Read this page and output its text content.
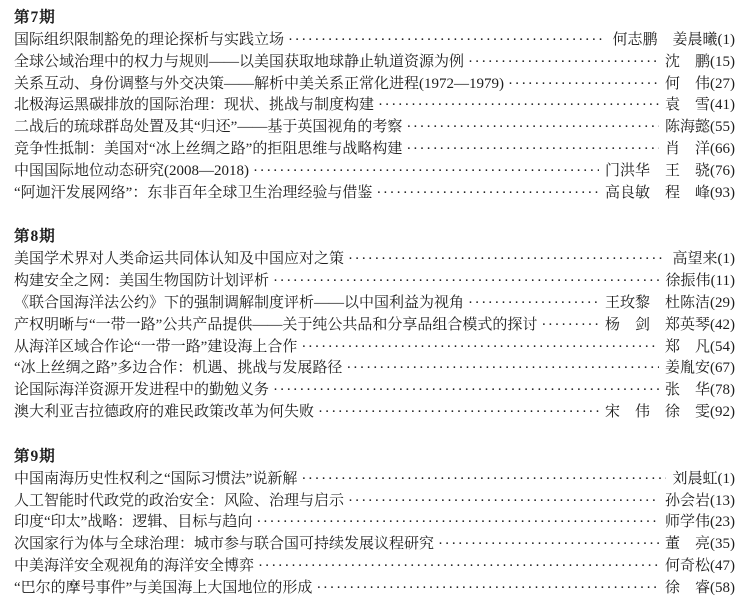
第7期
国际组织限制豁免的理论探析与实践立场 ·····	何志鹏　姜晨曦 (1)
全球公域治理中的权力与规则——以美国获取地球静止轨道资源为例 ·····	沈　鹏 (15)
关系互动、身份调整与外交决策——解析中美关系正常化进程(1972—1979) ·····	何　伟 (27)
北极海运黑碳排放的国际治理：现状、挑战与制度构建 ·····	袁　雪 (41)
二战后的琉球群岛处置及其“归还”——基于英国视角的考察 ·····	陈海懿 (55)
竞争性抵制：美国对“冰上丝绸之路”的拒阻思维与战略构建 ·····	肖　洋 (66)
中国国际地位动态研究(2008—2018) ·····	门洪华　王　骁 (76)
“阿迦汗发展网络”：东非百年全球卫生治理经验与借鉴 ·····	高良敏　程　峰 (93)
第8期
美国学术界对人类命运共同体认知及中国应对之策 ·····	高望来 (1)
构建安全之网：美国生物国防计划评析 ·····	徐振伟 (11)
《联合国海洋法公约》下的强制调解制度评析——以中国利益为视角 ·····	王玫黎　杜陈洁 (29)
产权明晰与“一带一路”公共产品提供——关于纯公共品和分享品组合模式的探讨 ·····	杨　剑　郑英琴 (42)
从海洋区域合作论“一带一路”建设海上合作 ·····	郑　凡 (54)
“冰上丝绸之路”多边合作：机遇、挑战与发展路径 ·····	姜胤安 (67)
论国际海洋资源开发进程中的勤勉义务 ·····	张　华 (78)
澳大利亚吉拉德政府的难民政策改革为何失败 ·····	宋　伟　徐　雯 (92)
第9期
中国南海历史性权利之“国际习惯法”说新解 ·····	刘晨虹 (1)
人工智能时代政党的政治安全：风险、治理与启示 ·····	孙会岩 (13)
印度“印太”战略：逻辑、目标与趋向 ·····	师学伟 (23)
次国家行为体与全球治理：城市参与联合国可持续发展议程研究 ·····	董　亮 (35)
中美海洋安全观视角的海洋安全博弈 ·····	何奇松 (47)
“巴尔的摩号事件”与美国海上大国地位的形成 ·····	徐　睿 (58)
